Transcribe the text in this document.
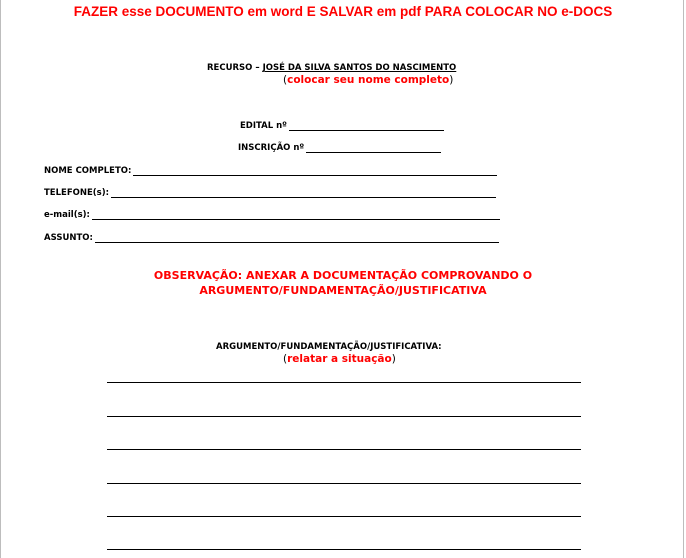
FAZER esse DOCUMENTO em word E SALVAR em pdf PARA COLOCAR NO e-DOCS
RECURSO – JOSÉ DA SILVA SANTOS DO NASCIMENTO
(colocar seu nome completo)
EDITAL nº
INSCRIÇÃO nº
NOME COMPLETO:
TELEFONE(s):
e-mail(s):
ASSUNTO:
OBSERVAÇÃO: ANEXAR A DOCUMENTAÇÃO COMPROVANDO O
ARGUMENTO/FUNDAMENTAÇÃO/JUSTIFICATIVA
ARGUMENTO/FUNDAMENTAÇÃO/JUSTIFICATIVA:
(relatar a situação)
